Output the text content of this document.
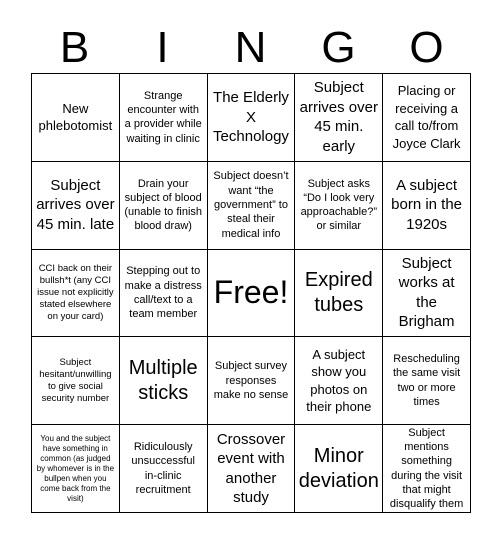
B	I	N	G	O
New phlebotomist
Strange encounter with a provider while waiting in clinic
The Elderly X Technology
Subject arrives over 45 min. early
Placing or receiving a call to/from Joyce Clark
Subject arrives over 45 min. late
Drain your subject of blood (unable to finish blood draw)
Subject doesn’t want “the government” to steal their medical info
Subject asks “Do I look very approachable?” or similar
A subject born in the 1920s
CCI back on their bullsh*t (any CCI issue not explicitly stated elsewhere on your card)
Stepping out to make a distress call/text to a team member
Free! Expired tubes
Subject works at the Brigham
Subject hesitant/unwilling to give social security number
Multiple sticks
Subject survey responses make no sense
A subject show you photos on their phone
Rescheduling the same visit two or more times
You and the subject have something in common (as judged by whomever is in the bullpen when you come back from the visit)
Ridiculously unsuccessful in-clinic recruitment
Crossover event with another study
Minor deviation
Subject mentions something during the visit that might disqualify them
